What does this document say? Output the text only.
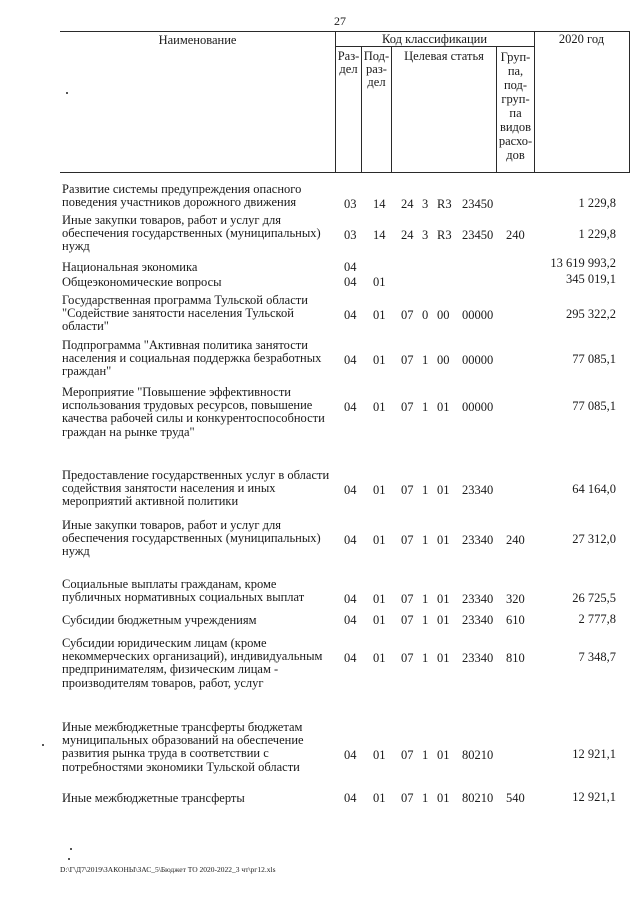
27
Наименование	Код классификации	2020 год
Раз-
дел
Под-
раз-
дел
Целевая статья	Груп-
па,
под-
груп-
па
видов
расхо-
дов
Развитие системы предупреждения опасного
поведения участников дорожного движения	03 14 24 3 R3 23450	1 229,8
Иные закупки товаров, работ и услуг для
обеспечения государственных (муниципальных)
нужд
03 14 24 3 R3 23450 240	1 229,8
Национальная экономика	04	13 619 993,2
Общеэкономические вопросы	04 01	345 019,1
Государственная программа Тульской области
"Содействие занятости населения Тульской
области"
04 01 07 0 00 00000	295 322,2
Подпрограмма "Активная политика занятости
населения и социальная поддержка безработных
граждан"
04 01 07 1 00 00000	77 085,1
Мероприятие "Повышение эффективности
использования трудовых ресурсов, повышение
качества рабочей силы и конкурентоспособности
граждан на рынке труда"
04 01 07 1 01 00000	77 085,1
Предоставление государственных услуг в области
содействия занятости населения и иных
мероприятий активной политики
04 01 07 1 01 23340	64 164,0
Иные закупки товаров, работ и услуг для
обеспечения государственных (муниципальных)
нужд
04 01 07 1 01 23340 240	27 312,0
Социальные выплаты гражданам, кроме
публичных нормативных социальных выплат	04 01 07 1 01 23340 320	26 725,5
Субсидии бюджетным учреждениям	04 01 07 1 01 23340 610	2 777,8
Субсидии юридическим лицам (кроме
некоммерческих организаций), индивидуальным
предпринимателям, физическим лицам -
производителям товаров, работ, услуг
04 01 07 1 01 23340 810	7 348,7
Иные межбюджетные трансферты бюджетам
муниципальных образований на обеспечение
развития рынка труда в соответствии с
потребностями экономики Тульской области
04 01 07 1 01 80210	12 921,1
Иные межбюджетные трансферты	04 01 07 1 01 80210 540	12 921,1
D:\Г\Д7\2019\ЗАКОНЫ\ЗАС_5\Бюджет ТО 2020-2022_3 чт\рг12.xls
